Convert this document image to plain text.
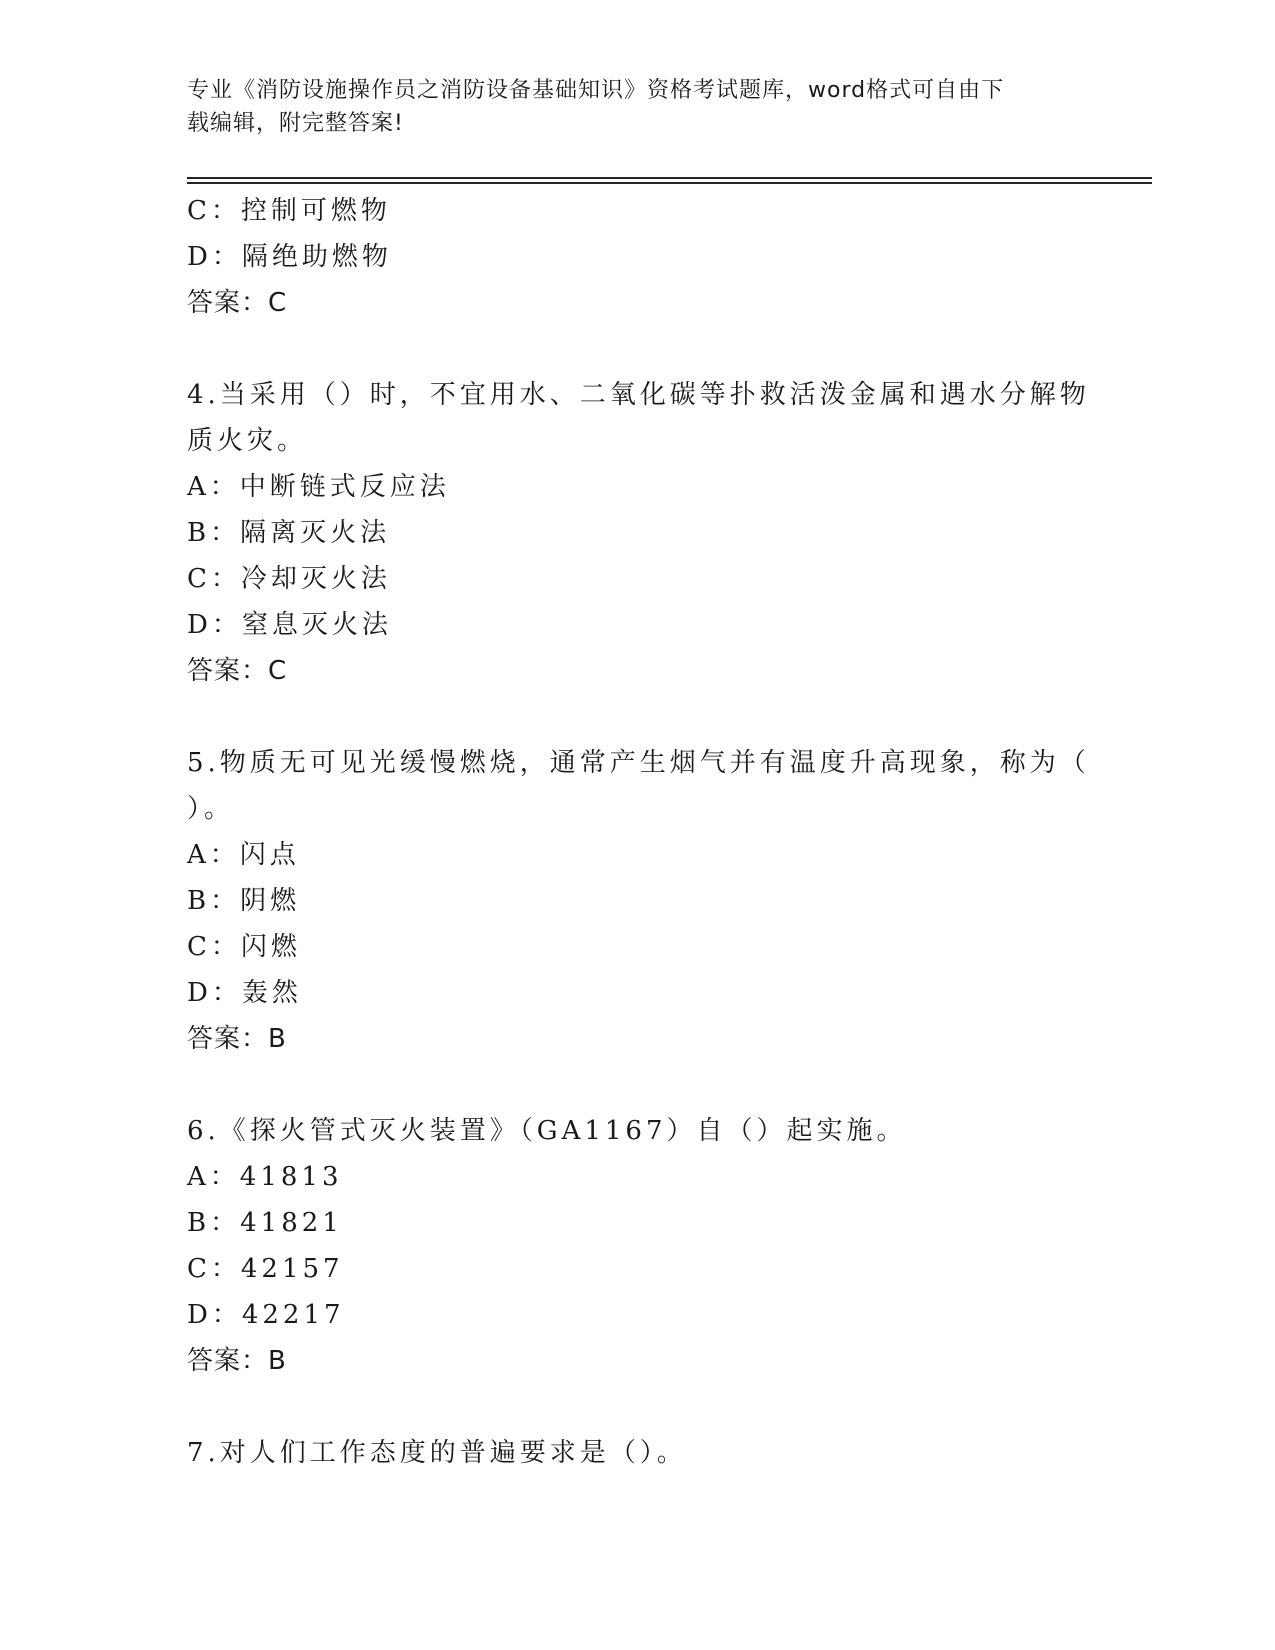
专业《消防设施操作员之消防设备基础知识》资格考试题库，word格式可自由下
载编辑，附完整答案!
C：控制可燃物
D：隔绝助燃物
答案：C
4.当采用（）时，不宜用水、二氧化碳等扑救活泼金属和遇水分解物
质火灾。
A：中断链式反应法
B：隔离灭火法
C：冷却灭火法
D：窒息灭火法
答案：C
5.物质无可见光缓慢燃烧，通常产生烟气并有温度升高现象，称为（
）。
A：闪点
B：阴燃
C：闪燃
D：轰然
答案：B
6.《探火管式灭火装置》（GA1167）自（）起实施。
A：41813
B：41821
C：42157
D：42217
答案：B
7.对人们工作态度的普遍要求是（）。
